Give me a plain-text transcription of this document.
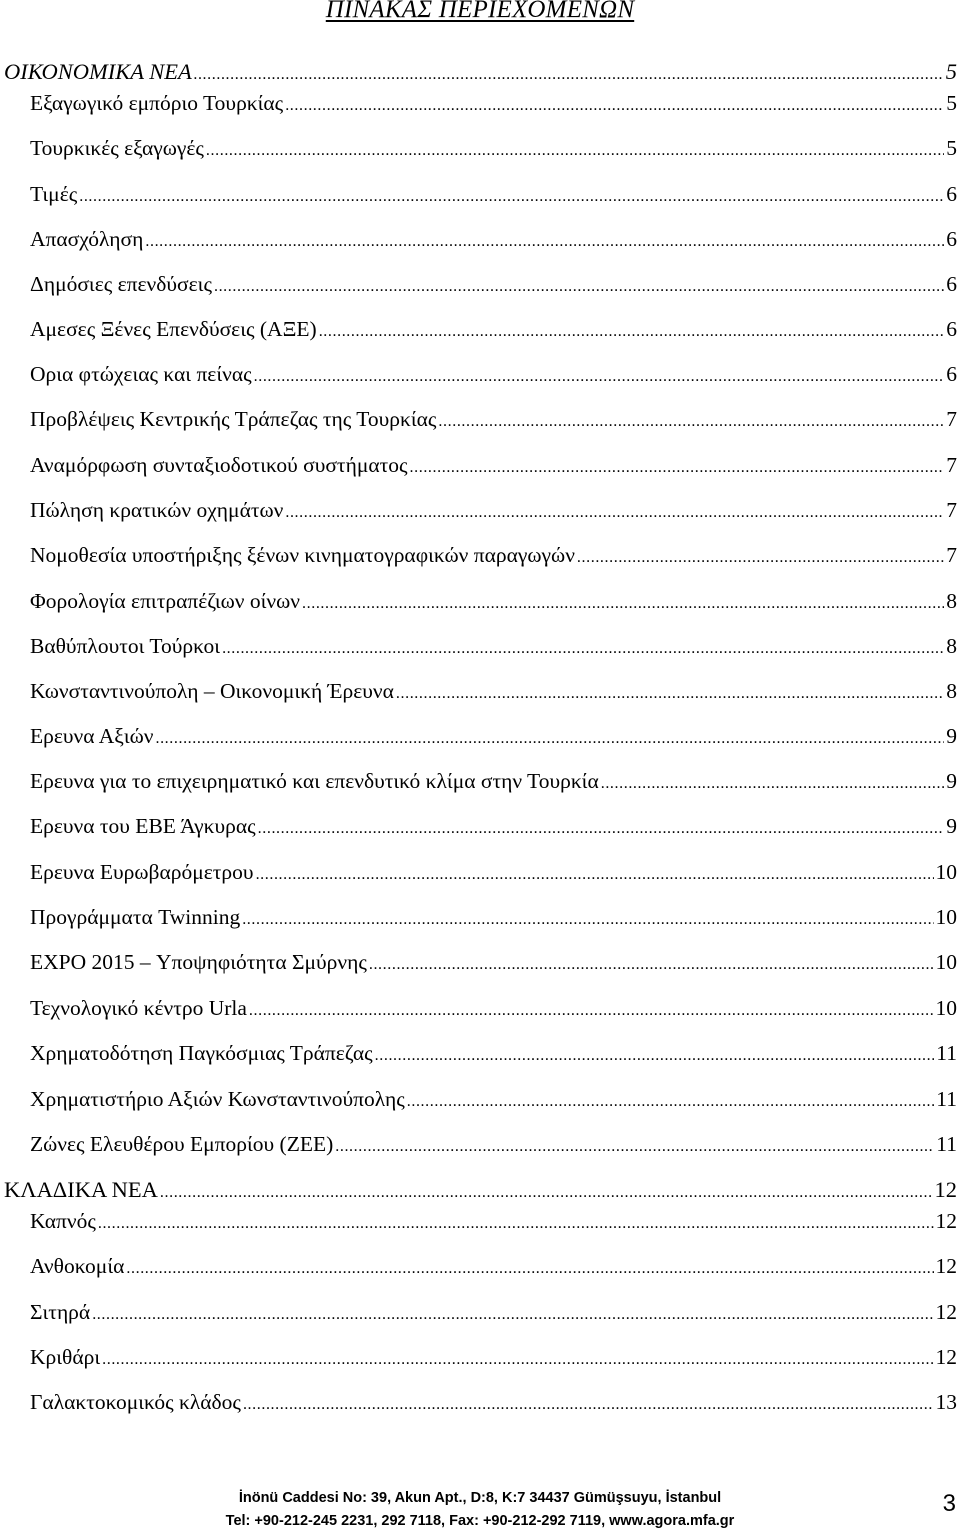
ΠΙΝΑΚΑΣ ΠΕΡΙΕΧΟΜΕΝΩΝ
ΟΙΚΟΝΟΜΙΚΑ ΝΕΑ .....	5
Εξαγωγικό εμπόριο Τουρκίας .....	5
Τουρκικές εξαγωγές .....	5
Τιμές .....	6
Απασχόληση .....	6
Δημόσιες επενδύσεις .....	6
Αμεσες Ξένες Επενδύσεις (ΑΞΕ) .....	6
Ορια φτώχειας και πείνας .....	6
Προβλέψεις Κεντρικής Τράπεζας της Τουρκίας .....	7
Αναμόρφωση συνταξιοδοτικού συστήματος .....	7
Πώληση κρατικών οχημάτων .....	7
Νομοθεσία υποστήριξης ξένων κινηματογραφικών παραγωγών .....	7
Φορολογία επιτραπέζιων οίνων .....	8
Βαθύπλουτοι Τούρκοι .....	8
Κωνσταντινούπολη – Οικονομική Έρευνα .....	8
Ερευνα Αξιών .....	9
Ερευνα για το επιχειρηματικό και επενδυτικό κλίμα στην Τουρκία .....	9
Ερευνα του ΕΒΕ Άγκυρας .....	9
Ερευνα Ευρωβαρόμετρου .....	10
Προγράμματα Twinning .....	10
EXPO 2015 – Υποψηφιότητα Σμύρνης .....	10
Τεχνολογικό κέντρο Urla .....	10
Χρηματοδότηση Παγκόσμιας Τράπεζας .....	11
Χρηματιστήριο Αξιών Κωνσταντινούπολης .....	11
Ζώνες Ελευθέρου Εμπορίου (ΖΕΕ) .....	11
ΚΛΑΔΙΚΑ ΝΕΑ .....	12
Καπνός .....	12
Ανθοκομία .....	12
Σιτηρά .....	12
Κριθάρι .....	12
Γαλακτοκομικός κλάδος .....	13
İnönü Caddesi No: 39, Akun Apt., D:8, K:7 34437 Gümüşsuyu, İstanbul
Tel: +90-212-245 2231, 292 7118, Fax: +90-212-292 7119, www.agora.mfa.gr
3
